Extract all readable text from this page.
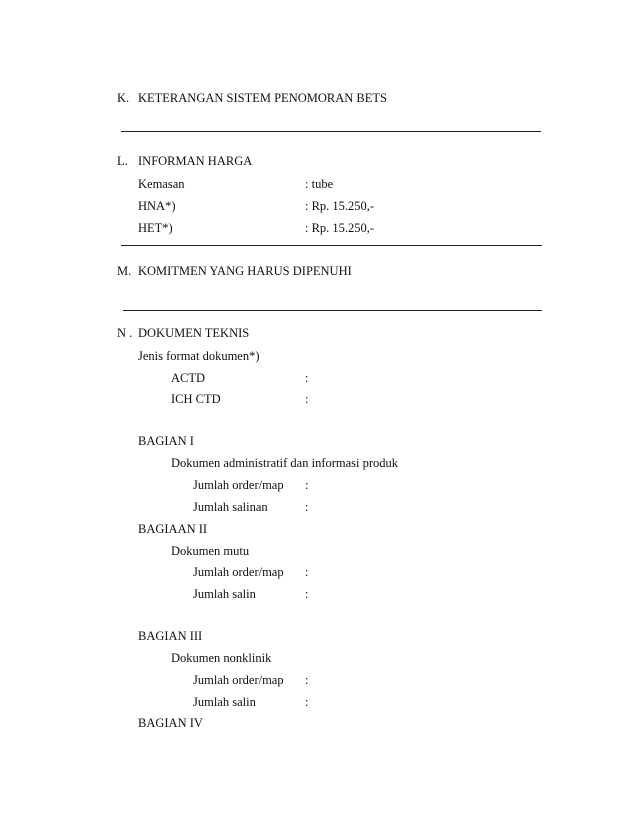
K. KETERANGAN SISTEM PENOMORAN BETS
L. INFORMAN HARGA
Kemasan	: tube
HNA*)	: Rp. 15.250,-
HET*)	: Rp. 15.250,-
M. KOMITMEN YANG HARUS DIPENUHI
N . DOKUMEN TEKNIS
Jenis format dokumen*)
ACTD	:
ICH CTD	:
BAGIAN I
Dokumen administratif dan informasi produk
Jumlah order/map :
Jumlah salinan	:
BAGIAAN II
Dokumen mutu
Jumlah order/map :
Jumlah salin	:
BAGIAN III
Dokumen nonklinik
Jumlah order/map :
Jumlah salin	:
BAGIAN IV
